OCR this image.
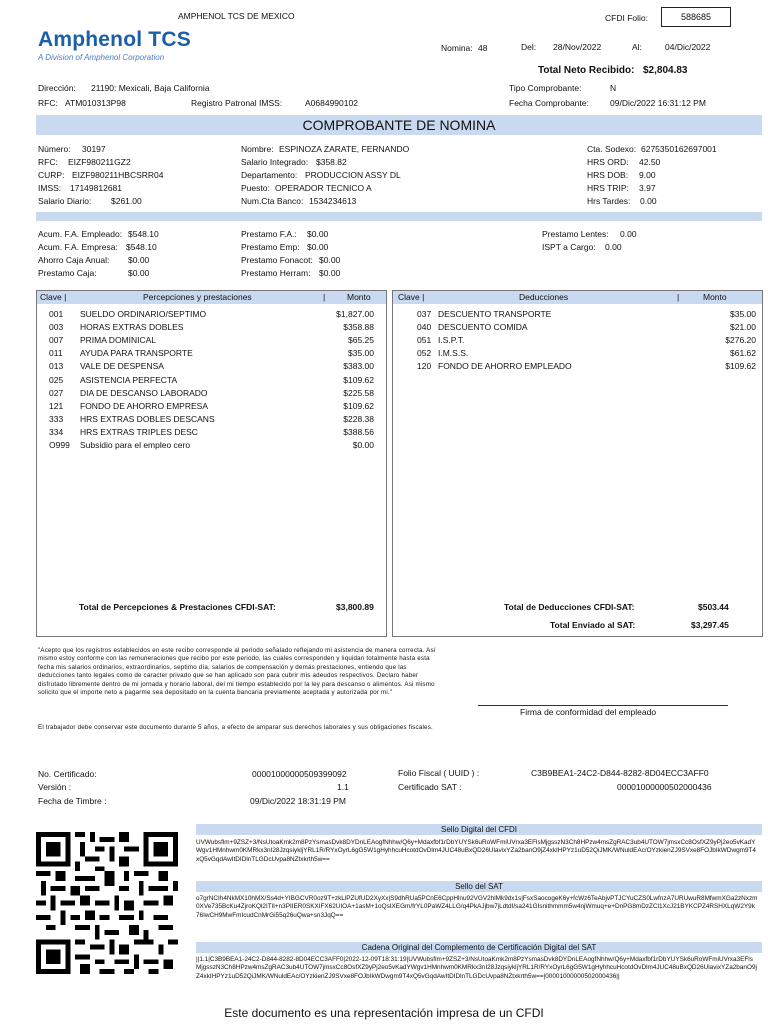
AMPHENOL TCS DE MEXICO
Amphenol TCS
A Division of Amphenol Corporation
CFDI Folio:	588685
Nomina: 48	Del: 28/Nov/2022	Al:	04/Dic/2022
Total Neto Recibido: $2,804.83
Dirección: 21190: Mexicali, Baja California	Tipo Comprobante:	N
RFC: ATM010313P98	Registro Patronal IMSS:	A0684990102	Fecha Comprobante: 09/Dic/2022 16:31:12 PM
COMPROBANTE DE NOMINA
Número: 30197
RFC: EIZF980211GZ2
CURP: EIZF980211HBCSRR04
IMSS: 17149812681
Salario Diario: $261.00
Nombre: ESPINOZA ZARATE, FERNANDO
Salario Integrado: $358.82
Departamento: PRODUCCION ASSY DL
Puesto: OPERADOR TECNICO A
Num.Cta Banco: 1534234613
Cta. Sodexo: 6275350162697001
HRS ORD: 42.50
HRS DOB: 9.00
HRS TRIP: 3.97
Hrs Tardes: 0.00
Acum. F.A. Empleado: $548.10
Acum. F.A. Empresa: $548.10
Ahorro Caja Anual: $0.00
Prestamo Caja:	$0.00
Prestamo F.A.: $0.00
Prestamo Emp: $0.00
Prestamo Fonacot: $0.00
Prestamo Herram: $0.00
Prestamo Lentes: 0.00
ISPT a Cargo: 0.00
Clave |	Percepciones y prestaciones	|	Monto	Clave |	Deducciones	|	Monto
001 SUELDO ORDINARIO/SEPTIMO	$1,827.00
003 HORAS EXTRAS DOBLES	$358.88
007 PRIMA DOMINICAL	$65.25
011 AYUDA PARA TRANSPORTE	$35.00
013 VALE DE DESPENSA	$383.00
025 ASISTENCIA PERFECTA	$109.62
027 DIA DE DESCANSO LABORADO	$225.58
121 FONDO DE AHORRO EMPRESA	$109.62
333 HRS EXTRAS DOBLES DESCANS	$228.38
334 HRS EXTRAS TRIPLES DESC	$388.56
O999 Subsidio para el empleo cero	$0.00
037 DESCUENTO TRANSPORTE	$35.00
040 DESCUENTO COMIDA	$21.00
051 I.S.P.T.	$276.20
052 I.M.S.S.	$61.62
120 FONDO DE AHORRO EMPLEADO	$109.62
Total de Percepciones & Prestaciones CFDI-SAT:	$3,800.89	Total de Deducciones CFDI-SAT:	$503.44
Total Enviado al SAT:	$3,297.45
"Acepto que los registros establecidos en este recibo corresponde al periodo señalado reflejando mi asistencia de manera correcta. Así mismo estoy conforme con las remuneraciones que recibo por este periodo, las cuales corresponden y liquidan totalmente hasta esta fecha mis salarios ordinarios, extraordinarios, septimo día, salarios de compensación y demás prestaciones, entiendo que las deducciones tanto legales como de caracter privado que se han aplicado son para cubrir mis adeudos respectivos. Declaro haber disfrutado libremente dentro de mi jornada y horario laboral, del mi tiempo establecido por la ley para descanso o alimentos. Asi mismo solicito que el importe neto a pagarme sea depositado en la cuenta bancaria previamente aceptada y autorizada por mi."
El trabajador debe conservar este documento durante 5 años, a efecto de amparar sus derechos laborales y sus obligaciones fiscales.
Firma de conformidad del empleado
No. Certificado:	00001000000509399092
Versión :	1.1
Fecha de Timbre :	09/Dic/2022 18:31:19 PM
Folio Fiscal ( UUID ) :	C3B9BEA1-24C2-D844-8282-8D04ECC3AFF0
Certificado SAT :	00001000000502000436
Sello Digital del CFDI
UVWubsflm+9ZSZ+3/NsUtoaKmk2m8PzYsmasDvk8DYDnLEAogfNhhw/Q6y+Mdaxfbf1rDbYUYSk6uRoWFmiUVrxa3EFlsMjgsszN3Ch8HPzw4msZgRAC3ub4UTOW7jmsxCc8OsfXZ9yPj2eo5vKadYWgv1HMnhwm0KMRkx3nI28JzqsiykljYRL1R/RYxOyrL6gG5W1gHyhhcuHcotdOvDlm4JUC48uBxQD26UlavixYZa2banO9jZ4xkIHPYz1uD52QiJMK/WNuldEAc/OYzkienZJ9SVxe8FOJbIkWDwgm9T4xQ5vGqdAwItDIDlnTLGDcUvpa8NZtxkrth5w==
Sello del SAT
o7grNCIh4NkMX10hMX/Ss4d+YIBGCVR0oz9T+zkLlPZUfUD2XyXx|S9dhRUa5PCnE6CppHlnu92VGV2hlMk9dx1s|FsxSaocogeK6y+fcWz6TeAbjvPTJCYuCZS0LwfnzA7URUwuR8MfwmXGa2zNxzm0XVe735BcKu4ZjroKQl2ITlI+n3PIIER0SKXIFX62UIOA+1asM+1oQsIXEGm/frYL0PaWZ4LLG/q4PkAJjbw7jLdtdI/sa241GIsnithmmm5w4njWmuq+e+DnPG8mDzZCl1XcJ21BYKCPZ4RSHXLqW2Y9k76IwCH9MwFmIcudCnMrGi55q26uQwa+sn3JqQ==
Cadena Original del Complemento de Certificación Digital del SAT
||1.1|C3B9BEA1-24C2-D844-8282-8D04ECC3AFF0|2022-12-09T18:31:19|UVWubsflm+9ZSZ+3/NsUtoaKmk2m8PzYsmasDvk8DYDnLEAogfNhhw/Q6y+Mdaxfbf1rDbYUYSk6uRoWFmiUVrxa3EFlsMjgsszN3Ch8HPzw4msZgRAC3ub4UTOW7jmsxCc8OsfXZ9yPj2eo5vKadYWgv1HMnhwm0KMRkx3nI28JzqsiykljYRL1R/RYxOyrL6gG5W1gHyhhcuHcotdOvDlm4JUC48uBxQD26UlavixYZa2banO9jZ4xkIHPYz1uD52QiJMK/WNuldEAc/OYzkienZJ9SVxe8FOJbIkWDwgm9T4xQ5vGqdAwItDIDlnTLGDcUvpa8NZtxkrth5w==|00001000000502000436||
Este documento es una representación impresa de un CFDI
